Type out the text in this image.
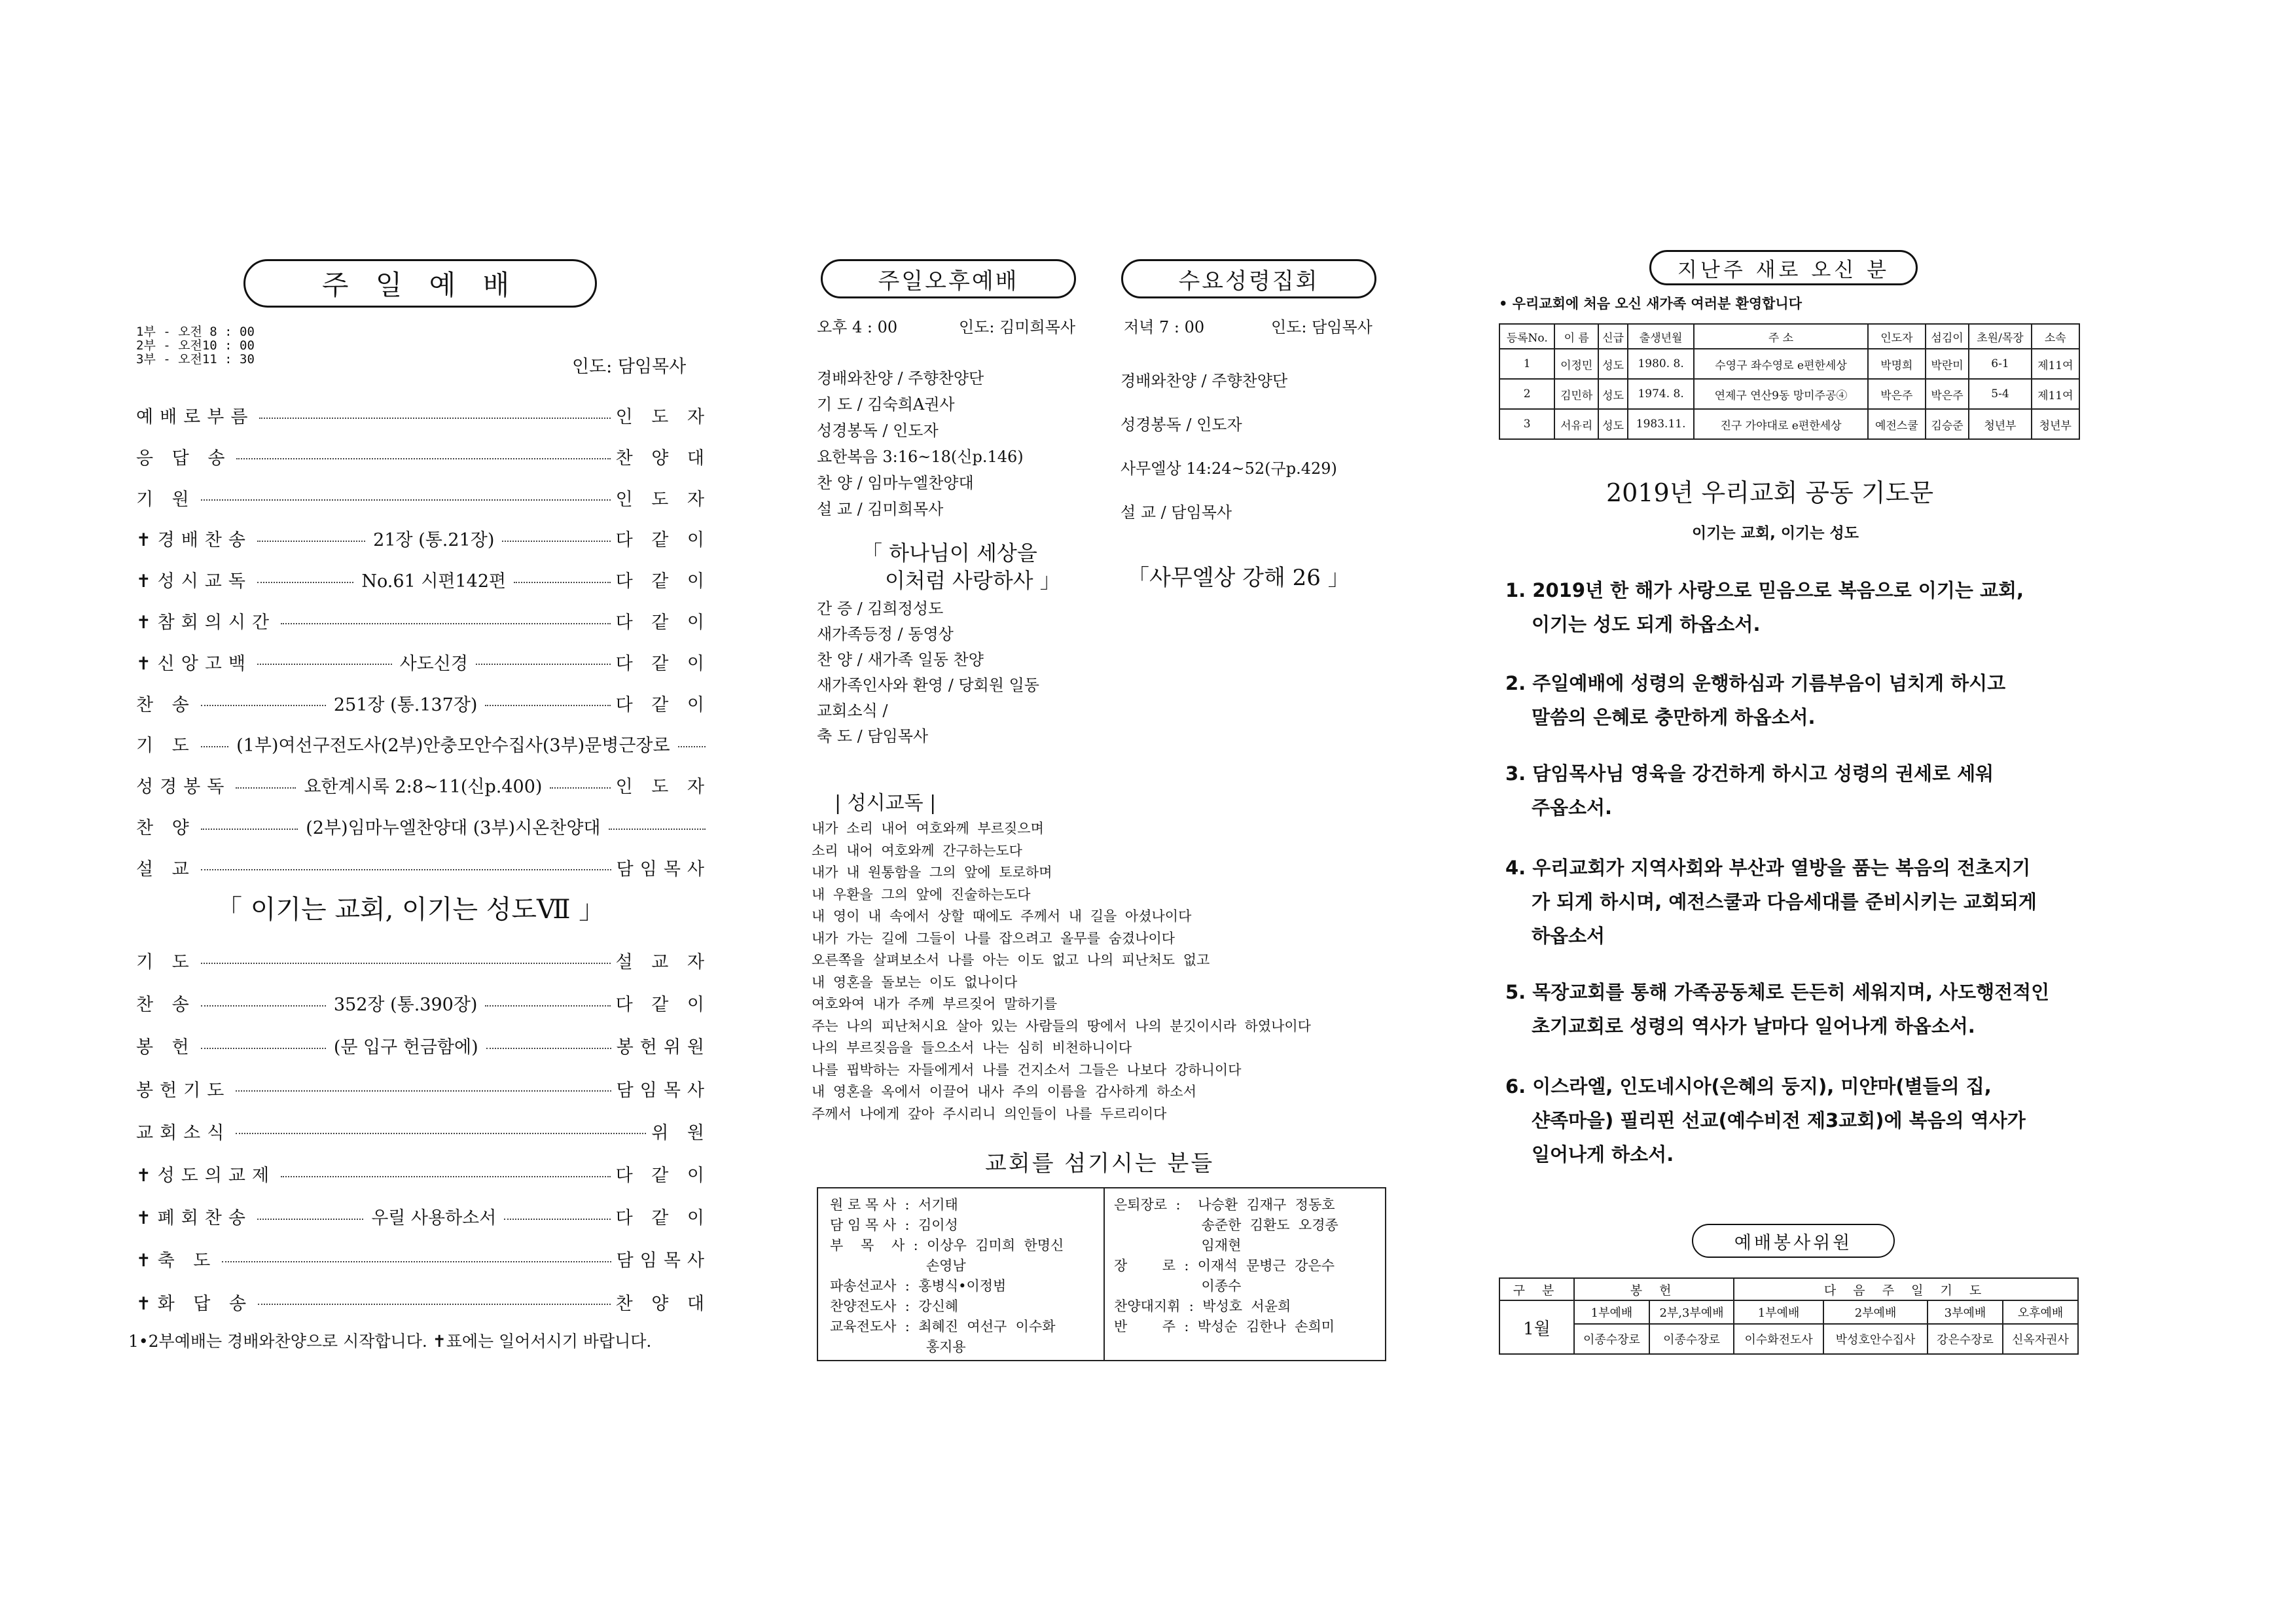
주 일 예 배
1부 - 오전 8 : 00
2부 - 오전10 : 00
3부 - 오전11 : 30	인도: 담임목사
예배로부름	인 도 자
응 답 송	찬 양 대
기 원	인 도 자
✝경배찬송	21장 (통.21장)	다 같 이
✝성시교독	No.61 시편142편	다 같 이
✝참회의시간	다 같 이
✝신앙고백	사도신경	다 같 이
찬 송	251장 (통.137장)	다 같 이
기 도 (1부)여선구전도사(2부)안충모안수집사(3부)문병근장로
성경봉독	요한계시록 2:8~11(신p.400)	인 도 자
찬 양	(2부)임마누엘찬양대 (3부)시온찬양대
설 교	담임목사
「 이기는 교회, 이기는 성도Ⅶ 」
기 도	설 교 자
찬 송	352장 (통.390장)	다 같 이
봉 헌	(문 입구 헌금함에)	봉헌위원
봉헌기도	담임목사
교회소식	위 원
✝성도의교제	다 같 이
✝폐회찬송	우릴 사용하소서	다 같 이
✝축 도	담임목사
✝화 답 송	찬 양 대
1•2부예배는 경배와찬양으로 시작합니다. ✝표에는 일어서시기 바랍니다.
주일오후예배	수요성령집회
오후 4 : 00	인도: 김미희목사	저녁 7 : 00	인도: 담임목사
경배와찬양 / 주향찬양단
기 도 / 김숙희A권사
성경봉독 / 인도자
요한복음 3:16~18(신p.146)
찬 양 / 임마누엘찬양대
설 교 / 김미희목사
「 하나님이 세상을
이처럼 사랑하사 」
간 증 / 김희정성도
새가족등정 / 동영상
찬 양 / 새가족 일동 찬양
새가족인사와 환영 / 당회원 일동
교회소식 /
축 도 / 담임목사
경배와찬양 / 주향찬양단
성경봉독 / 인도자
사무엘상 14:24~52(구p.429)
설 교 / 담임목사
「사무엘상 강해 26 」
| 성시교독 |
내가 소리 내어 여호와께 부르짖으며
소리 내어 여호와께 간구하는도다
내가 내 원통함을 그의 앞에 토로하며
내 우환을 그의 앞에 진술하는도다
내 영이 내 속에서 상할 때에도 주께서 내 길을 아셨나이다
내가 가는 길에 그들이 나를 잡으려고 올무를 숨겼나이다
오른쪽을 살펴보소서 나를 아는 이도 없고 나의 피난처도 없고
내 영혼을 돌보는 이도 없나이다
여호와여 내가 주께 부르짖어 말하기를
주는 나의 피난처시요 살아 있는 사람들의 땅에서 나의 분깃이시라 하였나이다
나의 부르짖음을 들으소서 나는 심히 비천하니이다
나를 핍박하는 자들에게서 나를 건지소서 그들은 나보다 강하니이다
내 영혼을 옥에서 이끌어 내사 주의 이름을 감사하게 하소서
주께서 나에게 갚아 주시리니 의인들이 나를 두르리이다
교회를 섬기시는 분들
원 로 목 사  :  서기태
담 임 목 사  :  김이성
부    목    사  :  이상우  김미희  한명신
손영남
파송선교사  :  홍병식•이정범
찬양전도사  :  강신혜
교육전도사  :  최혜진  여선구  이수화
홍지용
은퇴장로  :    나승환  김재구  정동호
송준한  김환도  오경종
임재현
장        로  :  이재석  문병근  강은수
이종수
찬양대지휘  :  박성호  서윤희
반        주  :  박성순  김한나  손희미
지난주 새로 오신 분
• 우리교회에 처음 오신 새가족 여러분 환영합니다
등록No.	이 름	신급	출생년월	주 소	인도자	섬김이	초원/목장	소속
1	이정민	성도	1980. 8.	수영구 좌수영로 e편한세상	박명희	박란미	6-1	제11여
2	김민하	성도	1974. 8.	연제구 연산9동 망미주공④	박은주	박은주	5-4	제11여
3	서유리	성도	1983.11.	진구 가야대로 e편한세상	예전스쿨	김승준	청년부	청년부
2019년 우리교회 공동 기도문
이기는 교회, 이기는 성도
1. 2019년 한 해가 사랑으로 믿음으로 복음으로 이기는 교회,
이기는 성도 되게 하옵소서.
2. 주일예배에 성령의 운행하심과 기름부음이 넘치게 하시고
말씀의 은혜로 충만하게 하옵소서.
3. 담임목사님 영육을 강건하게 하시고 성령의 권세로 세워
주옵소서.
4. 우리교회가 지역사회와 부산과 열방을 품는 복음의 전초지기
가 되게 하시며, 예전스쿨과 다음세대를 준비시키는 교회되게
하옵소서
5. 목장교회를 통해 가족공동체로 든든히 세워지며, 사도행전적인
초기교회로 성령의 역사가 날마다 일어나게 하옵소서.
6. 이스라엘, 인도네시아(은혜의 둥지), 미얀마(별들의 집,
샨족마을) 필리핀 선교(예수비전 제3교회)에 복음의 역사가
일어나게 하소서.
예배봉사위원
구 분	봉 헌		다 음 주 일 기 도			
1월	1부예배	2부,3부예배	1부예배	2부예배	3부예배	오후예배
	이종수장로	이종수장로	이수화전도사	박성호안수집사	강은수장로	신옥자권사
